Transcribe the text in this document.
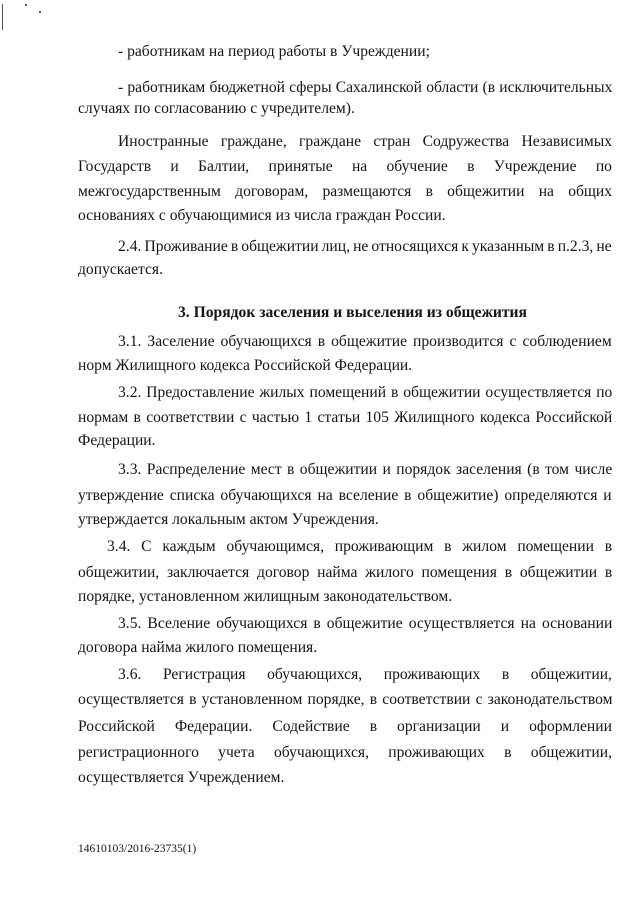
- работникам на период работы в Учреждении;
- работникам бюджетной сферы Сахалинской области (в исключительных
случаях по согласованию с учредителем).
Иностранные граждане, граждане стран Содружества Независимых
Государств и Балтии, принятые на обучение в Учреждение по
межгосударственным договорам, размещаются в общежитии на общих
основаниях с обучающимися из числа граждан России.
2.4. Проживание в общежитии лиц, не относящихся к указанным в п.2.3, не
допускается.
3. Порядок заселения и выселения из общежития
3.1. Заселение обучающихся в общежитие производится с соблюдением
норм Жилищного кодекса Российской Федерации.
3.2. Предоставление жилых помещений в общежитии осуществляется по
нормам в соответствии с частью 1 статьи 105 Жилищного кодекса Российской
Федерации.
3.3. Распределение мест в общежитии и порядок заселения (в том числе
утверждение списка обучающихся на вселение в общежитие) определяются и
утверждается локальным актом Учреждения.
3.4. С каждым обучающимся, проживающим в жилом помещении в
общежитии, заключается договор найма жилого помещения в общежитии в
порядке, установленном жилищным законодательством.
3.5. Вселение обучающихся в общежитие осуществляется на основании
договора найма жилого помещения.
3.6. Регистрация обучающихся, проживающих в общежитии,
осуществляется в установленном порядке, в соответствии с законодательством
Российской Федерации. Содействие в организации и оформлении
регистрационного учета обучающихся, проживающих в общежитии,
осуществляется Учреждением.
14610103/2016-23735(1)
